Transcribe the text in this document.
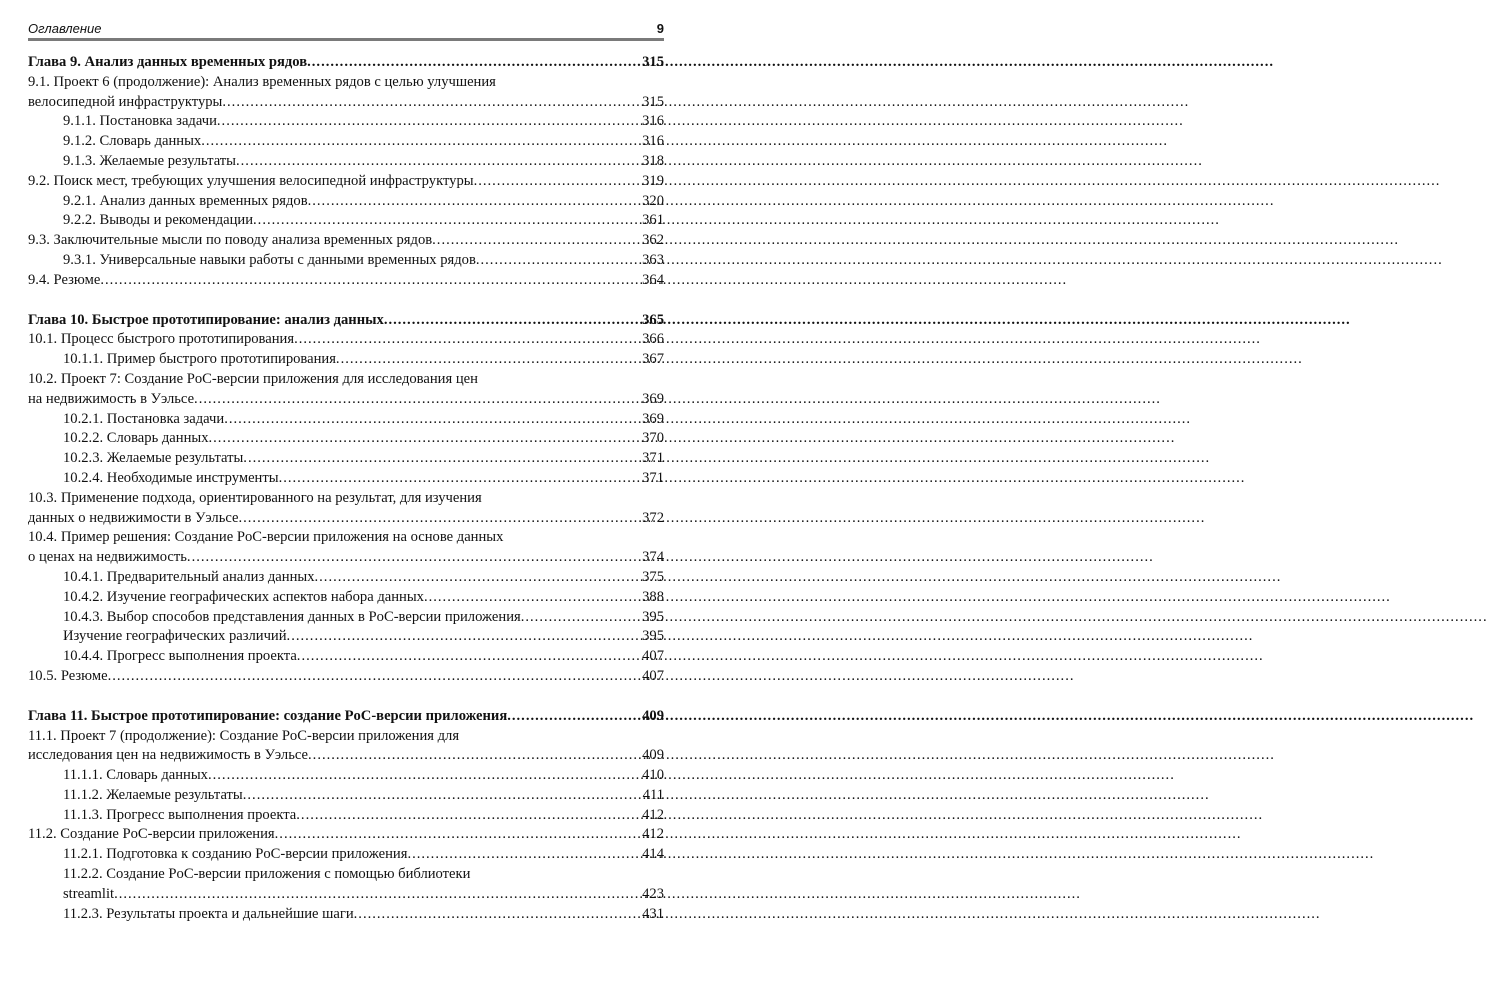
Оглавление	9
Глава 9. Анализ данных временных рядов .....	315
9.1. Проект 6 (продолжение): Анализ временных рядов с целью улучшения
велосипедной инфраструктуры .....	315
9.1.1. Постановка задачи .....	316
9.1.2. Словарь данных .....	316
9.1.3. Желаемые результаты .....	318
9.2. Поиск мест, требующих улучшения велосипедной инфраструктуры .....	319
9.2.1. Анализ данных временных рядов .....	320
9.2.2. Выводы и рекомендации .....	361
9.3. Заключительные мысли по поводу анализа временных рядов .....	362
9.3.1. Универсальные навыки работы с данными временных рядов .....	363
9.4. Резюме .....	364
Глава 10. Быстрое прототипирование: анализ данных .....	365
10.1. Процесс быстрого прототипирования .....	366
10.1.1. Пример быстрого прототипирования .....	367
10.2. Проект 7: Создание PoC-версии приложения для исследования цен
на недвижимость в Уэльсе .....	369
10.2.1. Постановка задачи .....	369
10.2.2. Словарь данных .....	370
10.2.3. Желаемые результаты .....	371
10.2.4. Необходимые инструменты .....	371
10.3. Применение подхода, ориентированного на результат, для изучения
данных о недвижимости в Уэльсе .....	372
10.4. Пример решения: Создание PoC-версии приложения на основе данных
о ценах на недвижимость .....	374
10.4.1. Предварительный анализ данных .....	375
10.4.2. Изучение географических аспектов набора данных .....	388
10.4.3. Выбор способов представления данных в PoC-версии приложения .....	395
Изучение географических различий .....	395
10.4.4. Прогресс выполнения проекта .....	407
10.5. Резюме .....	407
Глава 11. Быстрое прототипирование: создание PoC-версии приложения .....	409
11.1. Проект 7 (продолжение): Создание PoC-версии приложения для
исследования цен на недвижимость в Уэльсе .....	409
11.1.1. Словарь данных .....	410
11.1.2. Желаемые результаты .....	411
11.1.3. Прогресс выполнения проекта .....	412
11.2. Создание PoC-версии приложения .....	412
11.2.1. Подготовка к созданию PoC-версии приложения .....	414
11.2.2. Создание PoC-версии приложения с помощью библиотеки
streamlit .....	423
11.2.3. Результаты проекта и дальнейшие шаги .....	431
